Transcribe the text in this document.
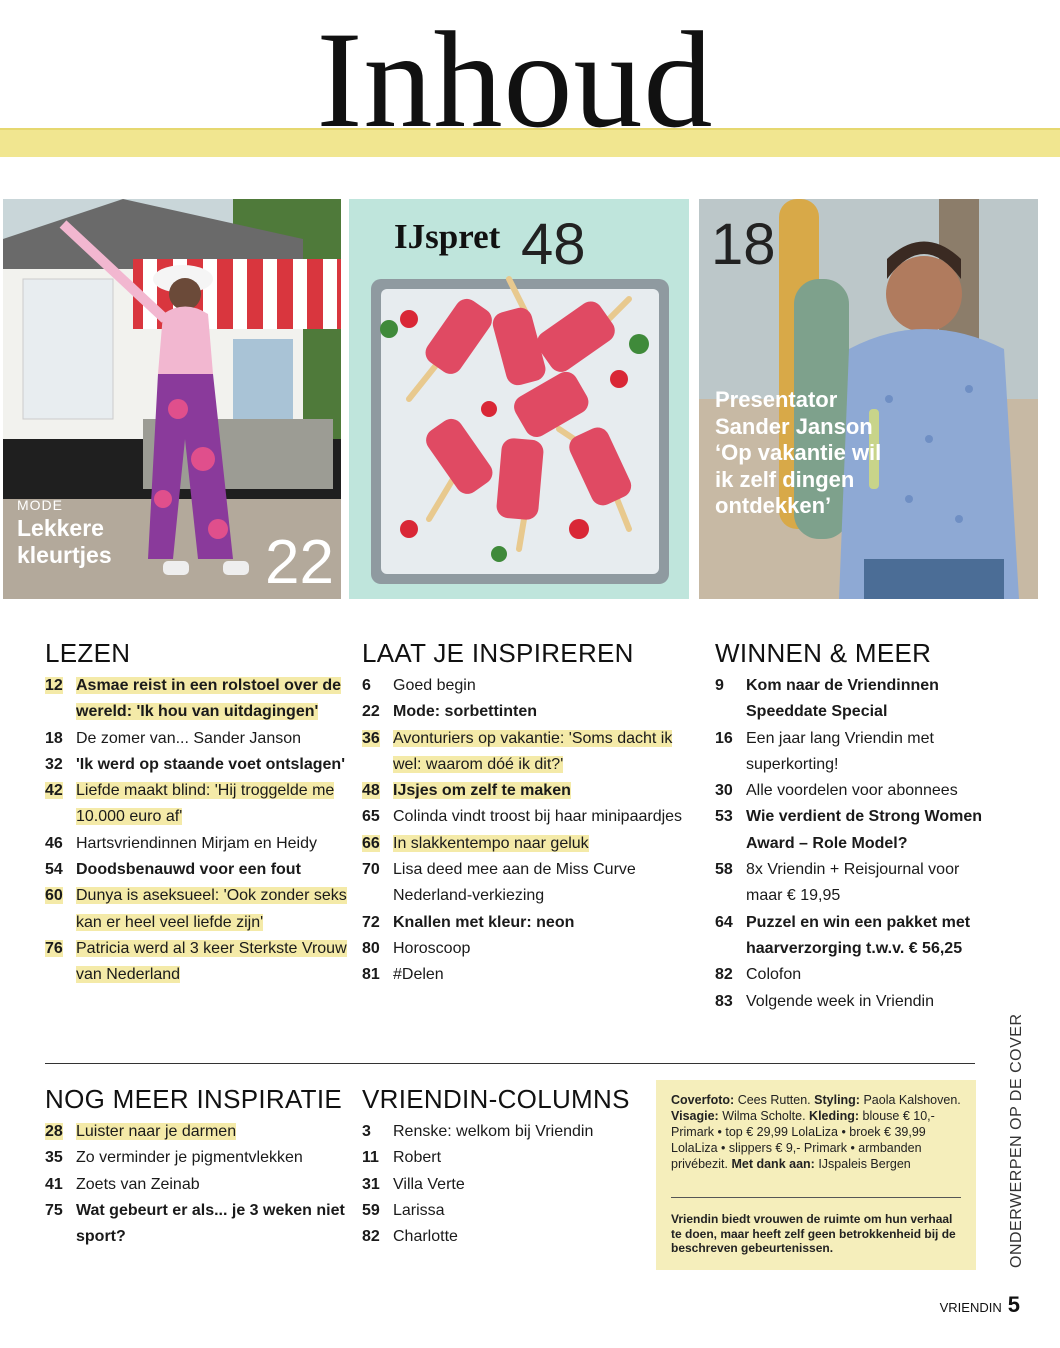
Inhoud
MODE
Lekkere kleurtjes	22
IJspret 48 18
Presentator Sander Janson ‘Op vakantie wil ik zelf dingen ontdekken’
LEZEN
12 Asmae reist in een rolstoel over de wereld: 'Ik hou van uitdagingen'
18 De zomer van... Sander Janson
32 'Ik werd op staande voet ontslagen'
42 Liefde maakt blind: 'Hij troggelde me 10.000 euro af'
46 Hartsvriendinnen Mirjam en Heidy
54 Doodsbenauwd voor een fout
60 Dunya is aseksueel: 'Ook zonder seks kan er heel veel liefde zijn'
76 Patricia werd al 3 keer Sterkste Vrouw van Nederland
LAAT JE INSPIREREN
6	Goed begin
22 Mode: sorbettinten
36 Avonturiers op vakantie: 'Soms dacht ik wel: waarom dóé ik dit?'
48 IJsjes om zelf te maken
65 Colinda vindt troost bij haar minipaardjes
66 In slakkentempo naar geluk
70 Lisa deed mee aan de Miss Curve Nederland-verkiezing
72 Knallen met kleur: neon
80 Horoscoop
81 #Delen
WINNEN & MEER
9	Kom naar de Vriendinnen Speeddate Special
16 Een jaar lang Vriendin met superkorting!
30 Alle voordelen voor abonnees
53 Wie verdient de Strong Women Award – Role Model?
58 8x Vriendin + Reisjournal voor maar € 19,95
64 Puzzel en win een pakket met haarverzorging t.w.v. € 56,25
82 Colofon
83 Volgende week in Vriendin
NOG MEER INSPIRATIE
28 Luister naar je darmen
35 Zo verminder je pigmentvlekken
41 Zoets van Zeinab
75 Wat gebeurt er als... je 3 weken niet sport?
VRIENDIN-COLUMNS
3	Renske: welkom bij Vriendin
11 Robert
31 Villa Verte
59 Larissa
82 Charlotte
Coverfoto: Cees Rutten. Styling: Paola Kalshoven. Visagie: Wilma Scholte. Kleding: blouse € 10,- Primark • top € 29,99 LolaLiza • broek € 39,99 LolaLiza • slippers € 9,- Primark • armbanden privébezit. Met dank aan: IJspaleis Bergen
Vriendin biedt vrouwen de ruimte om hun verhaal te doen, maar heeft zelf geen betrokkenheid bij de beschreven gebeurtenissen.	ONDERWERPEN OP DE COVER
VRIENDIN 5
